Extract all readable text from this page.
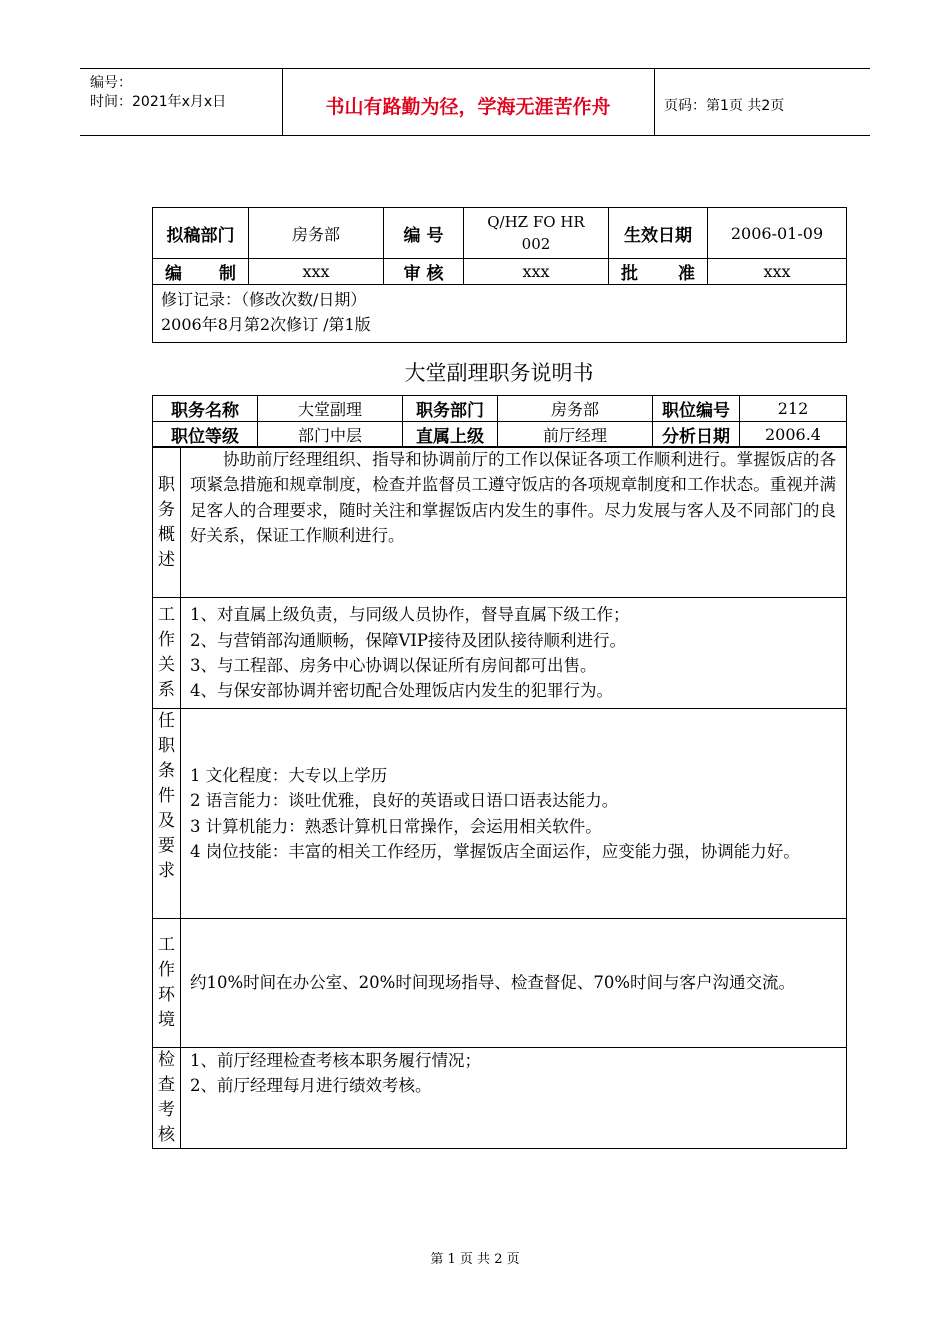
编号：
时间：2021年x月x日	书山有路勤为径，学海无涯苦作舟	页码：第1页 共2页
拟稿部门	房务部	编 号	Q/HZ FO HR
002	生效日期	2006-01-09
编 制	xxx	审 核	xxx	批 准	xxx

修订记录：（修改次数/日期）
2006年8月第2次修订 /第1版					
大堂副理职务说明书
职务名称	大堂副理	职务部门	房务部	职位编号	212
职位等级	部门中层	直属上级	前厅经理	分析日期	2006.4
职务概述	协助前厅经理组织、指导和协调前厅的工作以保证各项工作顺利进行。掌握饭店的各项紧急措施和规章制度，检查并监督员工遵守饭店的各项规章制度和工作状态。重视并满足客人的合理要求，随时关注和掌握饭店内发生的事件。尽力发展与客人及不同部门的良好关系，保证工作顺利进行。

工作关系	1、对直属上级负责，与同级人员协作，督导直属下级工作；

2、与营销部沟通顺畅，保障VIP接待及团队接待顺利进行。

3、与工程部、房务中心协调以保证所有房间都可出售。

4、与保安部协调并密切配合处理饭店内发生的犯罪行为。

任职条件及要求	1 文化程度：大专以上学历

2 语言能力：谈吐优雅，良好的英语或日语口语表达能力。

3 计算机能力：熟悉计算机日常操作，会运用相关软件。

4 岗位技能：丰富的相关工作经历，掌握饭店全面运作，应变能力强，协调能力好。

工作环境	约10%时间在办公室、20%时间现场指导、检查督促、70%时间与客户沟通交流。

检查考核	1、前厅经理检查考核本职务履行情况；

2、前厅经理每月进行绩效考核。

第 1 页 共 2 页
